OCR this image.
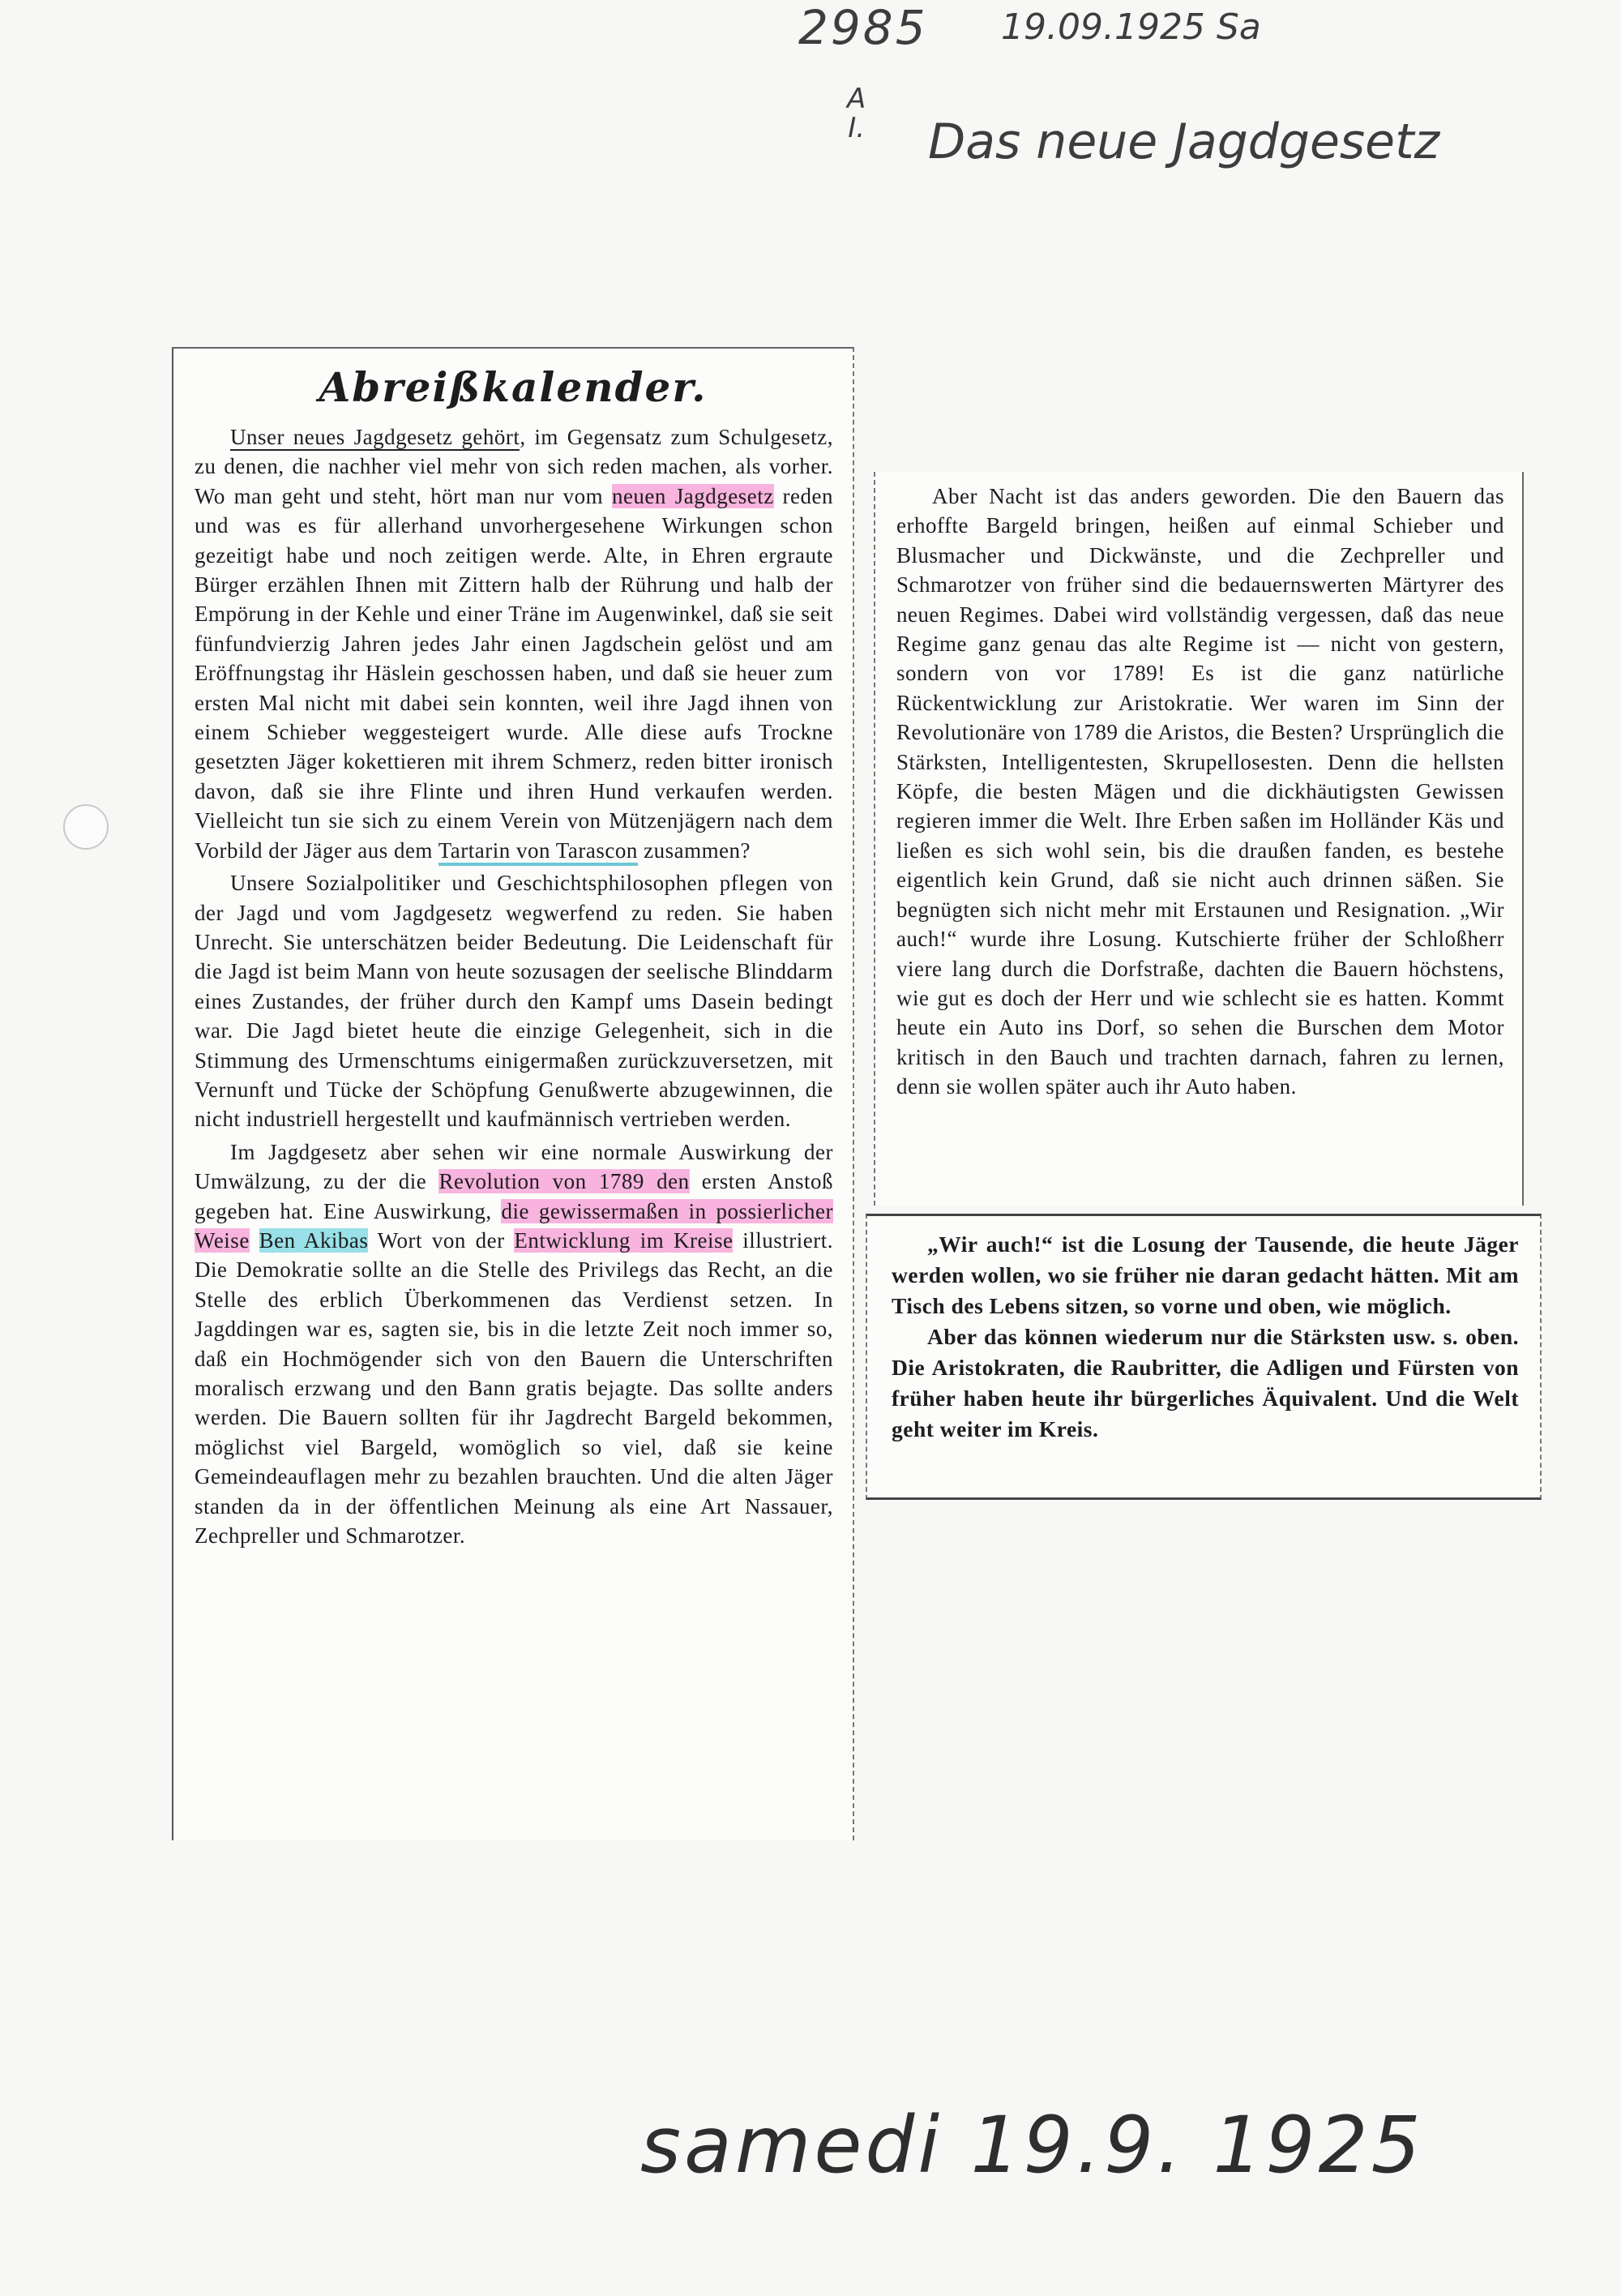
2985 19.09.1925 Sa
A
I. Das neue Jagdgesetz
Abreißkalender.

Unser neues Jagdgesetz gehört, im Gegensatz zum Schulgesetz, zu denen, die nachher viel mehr von sich reden machen, als vorher. Wo man geht und steht, hört man nur vom neuen Jagdgesetz reden und was es für allerhand unvorhergesehene Wirkungen schon gezeitigt habe und noch zeitigen werde. Alte, in Ehren ergraute Bürger erzählen Ihnen mit Zittern halb der Rührung und halb der Empörung in der Kehle und einer Träne im Augenwinkel, daß sie seit fünfundvierzig Jahren jedes Jahr einen Jagdschein gelöst und am Eröffnungstag ihr Häslein geschossen haben, und daß sie heuer zum ersten Mal nicht mit dabei sein konnten, weil ihre Jagd ihnen von einem Schieber weggesteigert wurde. Alle diese aufs Trockne gesetzten Jäger kokettieren mit ihrem Schmerz, reden bitter ironisch davon, daß sie ihre Flinte und ihren Hund verkaufen werden. Vielleicht tun sie sich zu einem Verein von Mützenjägern nach dem Vorbild der Jäger aus dem Tartarin von Tarascon zusammen?

Unsere Sozialpolitiker und Geschichtsphilosophen pflegen von der Jagd und vom Jagdgesetz wegwerfend zu reden. Sie haben Unrecht. Sie unterschätzen beider Bedeutung. Die Leidenschaft für die Jagd ist beim Mann von heute sozusagen der seelische Blinddarm eines Zustandes, der früher durch den Kampf ums Dasein bedingt war. Die Jagd bietet heute die einzige Gelegenheit, sich in die Stimmung des Urmenschtums einigermaßen zurückzuversetzen, mit Vernunft und Tücke der Schöpfung Genußwerte abzugewinnen, die nicht industriell hergestellt und kaufmännisch vertrieben werden.

Im Jagdgesetz aber sehen wir eine normale Auswirkung der Umwälzung, zu der die Revolution von 1789 den ersten Anstoß gegeben hat. Eine Auswirkung, die gewissermaßen in possierlicher Weise Ben Akibas Wort von der Entwicklung im Kreise illustriert. Die Demokratie sollte an die Stelle des Privilegs das Recht, an die Stelle des erblich Überkommenen das Verdienst setzen. In Jagddingen war es, sagten sie, bis in die letzte Zeit noch immer so, daß ein Hochmögender sich von den Bauern die Unterschriften moralisch erzwang und den Bann gratis bejagte. Das sollte anders werden. Die Bauern sollten für ihr Jagdrecht Bargeld bekommen, möglichst viel Bargeld, womöglich so viel, daß sie keine Gemeindeauflagen mehr zu bezahlen brauchten. Und die alten Jäger standen da in der öffentlichen Meinung als eine Art Nassauer, Zechpreller und Schmarotzer.

Aber Nacht ist das anders geworden. Die den Bauern das erhoffte Bargeld bringen, heißen auf einmal Schieber und Blusmacher und Dickwänste, und die Zechpreller und Schmarotzer von früher sind die bedauernswerten Märtyrer des neuen Regimes. Dabei wird vollständig vergessen, daß das neue Regime ganz genau das alte Regime ist — nicht von gestern, sondern von vor 1789! Es ist die ganz natürliche Rückentwicklung zur Aristokratie. Wer waren im Sinn der Revolutionäre von 1789 die Aristos, die Besten? Ursprünglich die Stärksten, Intelligentesten, Skrupellosesten. Denn die hellsten Köpfe, die besten Mägen und die dickhäutigsten Gewissen regieren immer die Welt. Ihre Erben saßen im Holländer Käs und ließen es sich wohl sein, bis die draußen fanden, es bestehe eigentlich kein Grund, daß sie nicht auch drinnen säßen. Sie begnügten sich nicht mehr mit Erstaunen und Resignation. „Wir auch!“ wurde ihre Losung. Kutschierte früher der Schloßherr viere lang durch die Dorfstraße, dachten die Bauern höchstens, wie gut es doch der Herr und wie schlecht sie es hatten. Kommt heute ein Auto ins Dorf, so sehen die Burschen dem Motor kritisch in den Bauch und trachten darnach, fahren zu lernen, denn sie wollen später auch ihr Auto haben.

„Wir auch!“ ist die Losung der Tausende, die heute Jäger werden wollen, wo sie früher nie daran gedacht hätten. Mit am Tisch des Lebens sitzen, so vorne und oben, wie möglich.

Aber das können wiederum nur die Stärksten usw. s. oben. Die Aristokraten, die Raubritter, die Adligen und Fürsten von früher haben heute ihr bürgerliches Äquivalent. Und die Welt geht weiter im Kreis.

samedi 19.9. 1925
